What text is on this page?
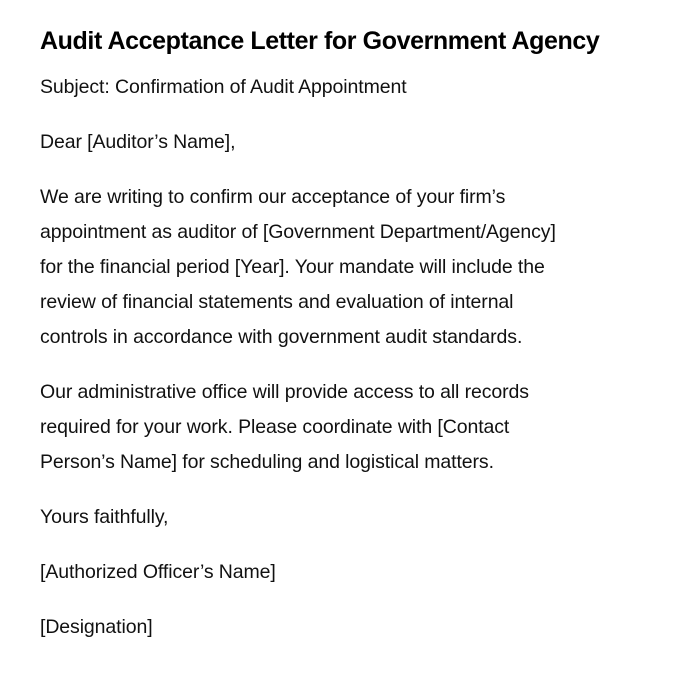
Audit Acceptance Letter for Government Agency

Subject: Confirmation of Audit Appointment

Dear [Auditor’s Name],

We are writing to confirm our acceptance of your firm’s
appointment as auditor of [Government Department/Agency]
for the financial period [Year]. Your mandate will include the
review of financial statements and evaluation of internal
controls in accordance with government audit standards.

Our administrative office will provide access to all records
required for your work. Please coordinate with [Contact
Person’s Name] for scheduling and logistical matters.

Yours faithfully,

[Authorized Officer’s Name]

[Designation]
